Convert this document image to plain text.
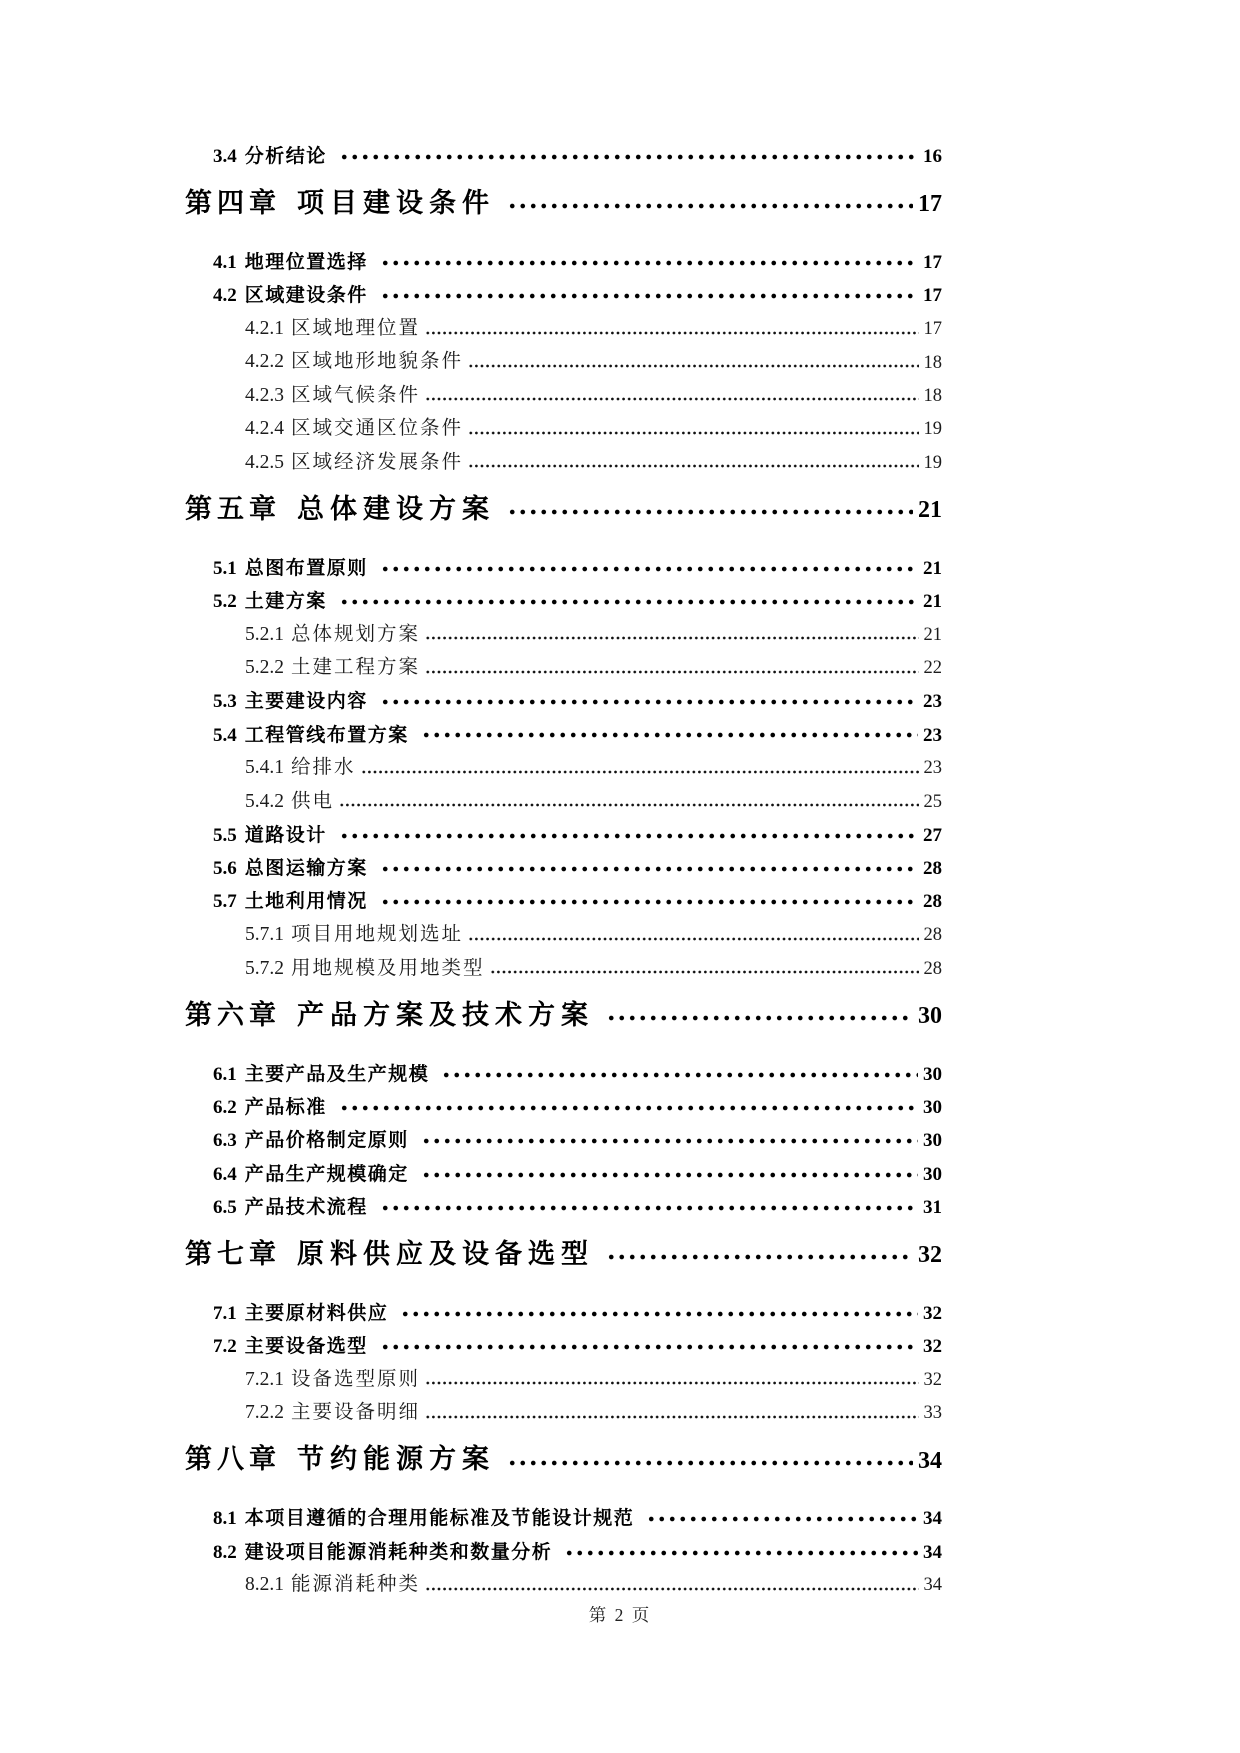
3.4 分析结论	16
第四章 项目建设条件	17
4.1 地理位置选择	17
4.2 区域建设条件	17
4.2.1 区域地理位置	17
4.2.2 区域地形地貌条件	18
4.2.3 区域气候条件	18
4.2.4 区域交通区位条件	19
4.2.5 区域经济发展条件	19
第五章 总体建设方案	21
5.1 总图布置原则	21
5.2 土建方案	21
5.2.1 总体规划方案	21
5.2.2 土建工程方案	22
5.3 主要建设内容	23
5.4 工程管线布置方案	23
5.4.1 给排水	23
5.4.2 供电	25
5.5 道路设计	27
5.6 总图运输方案	28
5.7 土地利用情况	28
5.7.1 项目用地规划选址	28
5.7.2 用地规模及用地类型	28
第六章 产品方案及技术方案	30
6.1 主要产品及生产规模	30
6.2 产品标准	30
6.3 产品价格制定原则	30
6.4 产品生产规模确定	30
6.5 产品技术流程	31
第七章 原料供应及设备选型	32
7.1 主要原材料供应	32
7.2 主要设备选型	32
7.2.1 设备选型原则	32
7.2.2 主要设备明细	33
第八章 节约能源方案	34
8.1 本项目遵循的合理用能标准及节能设计规范	34
8.2 建设项目能源消耗种类和数量分析	34
8.2.1 能源消耗种类	34
第 2 页
